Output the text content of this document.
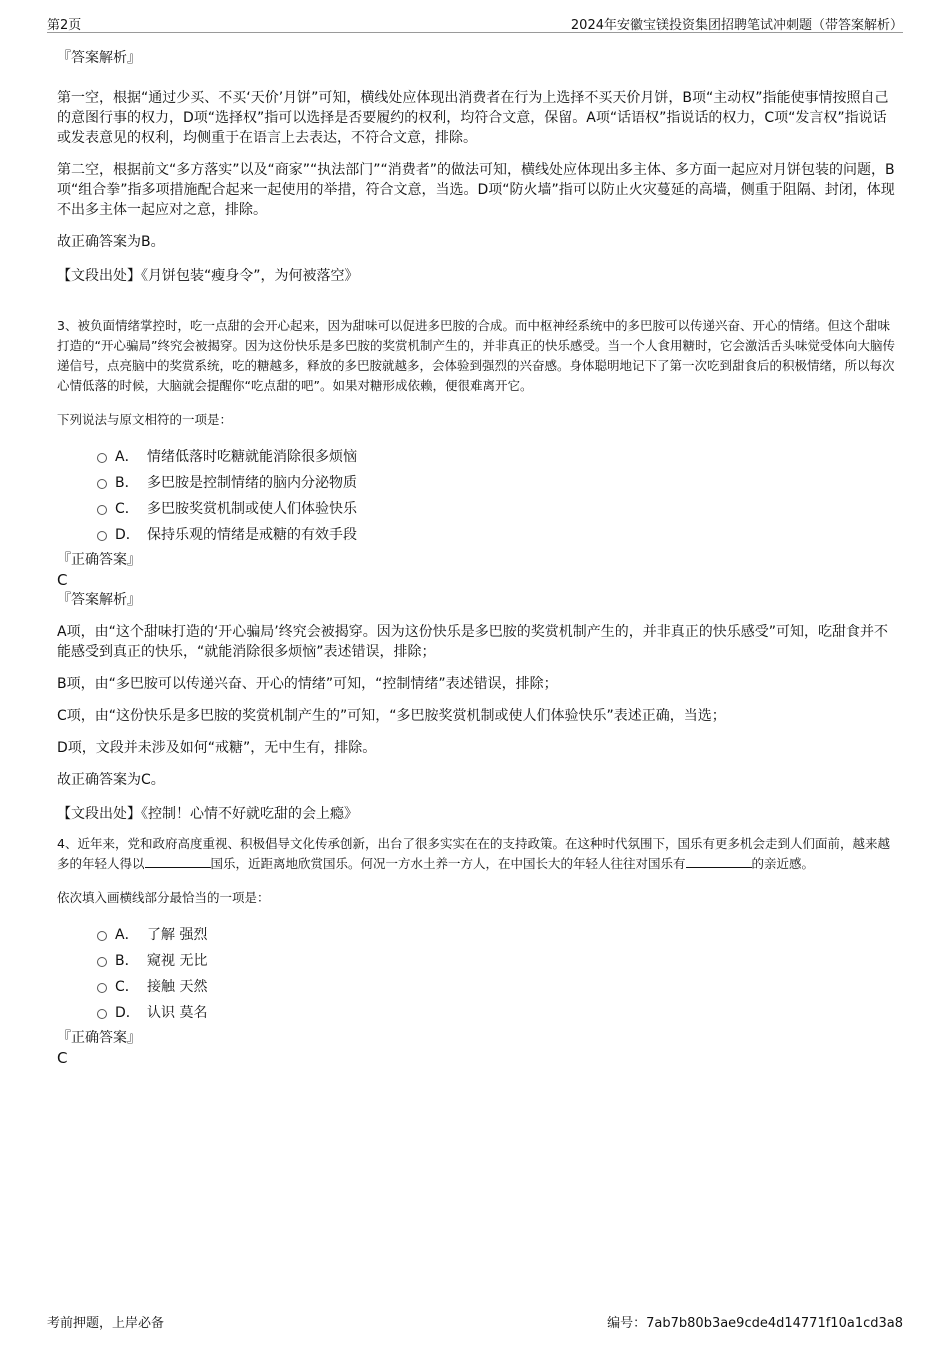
第2页	2024年安徽宝镁投资集团招聘笔试冲刺题（带答案解析）
『答案解析』

第一空，根据“通过少买、不买‘天价’月饼”可知，横线处应体现出消费者在行为上选择不买天价月饼，B项“主动权”指能使事情按照自己的意图行事的权力，D项“选择权”指可以选择是否要履约的权利，均符合文意，保留。A项“话语权”指说话的权力，C项“发言权”指说话或发表意见的权利，均侧重于在语言上去表达，不符合文意，排除。

第二空，根据前文“多方落实”以及“商家”“执法部门”“消费者”的做法可知，横线处应体现出多主体、多方面一起应对月饼包装的问题，B项“组合拳”指多项措施配合起来一起使用的举措，符合文意，当选。D项“防火墙”指可以防止火灾蔓延的高墙，侧重于阻隔、封闭，体现不出多主体一起应对之意，排除。

故正确答案为B。

【文段出处】《月饼包装“瘦身令”，为何被落空》

3、被负面情绪掌控时，吃一点甜的会开心起来，因为甜味可以促进多巴胺的合成。而中枢神经系统中的多巴胺可以传递兴奋、开心的情绪。但这个甜味打造的“开心骗局”终究会被揭穿。因为这份快乐是多巴胺的奖赏机制产生的，并非真正的快乐感受。当一个人食用糖时，它会激活舌头味觉受体向大脑传递信号，点亮脑中的奖赏系统，吃的糖越多，释放的多巴胺就越多，会体验到强烈的兴奋感。身体聪明地记下了第一次吃到甜食后的积极情绪，所以每次心情低落的时候，大脑就会提醒你“吃点甜的吧”。如果对糖形成依赖，便很难离开它。

下列说法与原文相符的一项是：

A． 情绪低落时吃糖就能消除很多烦恼
B． 多巴胺是控制情绪的脑内分泌物质
C． 多巴胺奖赏机制或使人们体验快乐
D． 保持乐观的情绪是戒糖的有效手段
『正确答案』
C
『答案解析』

A项，由“这个甜味打造的‘开心骗局’终究会被揭穿。因为这份快乐是多巴胺的奖赏机制产生的，并非真正的快乐感受”可知，吃甜食并不能感受到真正的快乐，“就能消除很多烦恼”表述错误，排除；

B项，由“多巴胺可以传递兴奋、开心的情绪”可知，“控制情绪”表述错误，排除；

C项，由“这份快乐是多巴胺的奖赏机制产生的”可知，“多巴胺奖赏机制或使人们体验快乐”表述正确，当选；

D项，文段并未涉及如何“戒糖”，无中生有，排除。

故正确答案为C。

【文段出处】《控制！心情不好就吃甜的会上瘾》

4、近年来，党和政府高度重视、积极倡导文化传承创新，出台了很多实实在在的支持政策。在这种时代氛围下，国乐有更多机会走到人们面前，越来越多的年轻人得以	国乐，近距离地欣赏国乐。何况一方水土养一方人，在中国长大的年轻人往往对国乐有	的亲近感。

依次填入画横线部分最恰当的一项是：

A． 了解 强烈
B． 窥视 无比
C． 接触 天然
D． 认识 莫名
『正确答案』
C
考前押题，上岸必备	编号：7ab7b80b3ae9cde4d14771f10a1cd3a8
